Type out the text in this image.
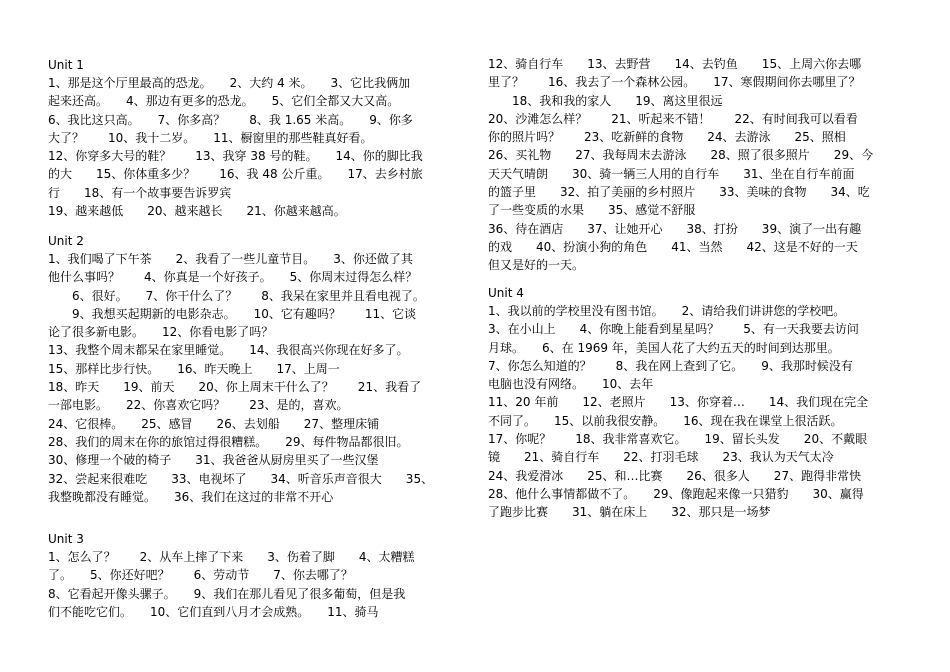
Unit 1
1、那是这个厅里最高的恐龙。　　2、大约 4 米。　　3、它比我俩加
起来还高。　　4、那边有更多的恐龙。　　5、它们全都又大又高。
6、我比这只高。　　7、你多高？　　8、我 1.65 米高。　　9、你多
大了？　　10、我十二岁。　　11、橱窗里的那些鞋真好看。
12、你穿多大号的鞋？　　13、我穿 38 号的鞋。　　14、你的脚比我
的大　　15、你体重多少？　　16、我 48 公斤重。　　17、去乡村旅
行　　18、有一个故事要告诉罗宾
19、越来越低　　20、越来越长　　21、你越来越高。
Unit 2
1、我们喝了下午茶　　2、我看了一些儿童节目。　　3、你还做了其
他什么事吗？　　4、你真是一个好孩子。　　5、你周末过得怎么样？
　　6、很好。　　7、你干什么了？　　8、我呆在家里并且看电视了。
　　9、我想买起期新的电影杂志。　　10、它有趣吗？　　11、它谈
论了很多新电影。　　12、你看电影了吗？
13、我整个周末都呆在家里睡觉。　　14、我很高兴你现在好多了。
15、那样比步行快。　　16、昨天晚上　　17、上周一
18、昨天　　19、前天　　20、你上周末干什么了？　　21、我看了
一部电影。　　22、你喜欢它吗？　　23、是的，喜欢。
24、它很棒。　　25、感冒　　26、去划船　　27、整理床铺
28、我们的周末在你的旅馆过得很糟糕。　　29、每件物品都很旧。
30、修理一个破的椅子　　31、我爸爸从厨房里买了一些汉堡
32、尝起来很难吃　　33、电视坏了　　34、听音乐声音很大　　35、
我整晚都没有睡觉。　　36、我们在这过的非常不开心
Unit 3
1、怎么了？　　2、从车上摔了下来　　3、伤着了脚　　4、太糟糕
了。　　5、你还好吧？　　6、劳动节　　7、你去哪了？
8、它看起开像头骡子。　　9、我们在那儿看见了很多葡萄，但是我
们不能吃它们。　　10、它们直到八月才会成熟。　　11、骑马
12、骑自行车　　13、去野营　　14、去钓鱼　　15、上周六你去哪
里了？　　16、我去了一个森林公园。　　17、寒假期间你去哪里了？
　　18、我和我的家人　　19、离这里很远
20、沙滩怎么样？　　21、听起来不错！　　22、有时间我可以看看
你的照片吗？　　23、吃新鲜的食物　　24、去游泳　　25、照相
26、买礼物　　27、我每周末去游泳　　28、照了很多照片　　29、今
天天气晴朗　　30、骑一辆三人用的自行车　　31、坐在自行车前面
的篮子里　　32、拍了美丽的乡村照片　　33、美味的食物　　34、吃
了一些变质的水果　　35、感觉不舒服
36、待在酒店　　37、让她开心　　38、打扮　　39、演了一出有趣
的戏　　40、扮演小狗的角色　　41、当然　　42、这是不好的一天
但又是好的一天。
Unit 4
1、我以前的学校里没有图书馆。　　2、请给我们讲讲您的学校吧。
3、在小山上　　4、你晚上能看到星星吗？　　5、有一天我要去访问
月球。　　6、在 1969 年，美国人花了大约五天的时间到达那里。
7、你怎么知道的？　　8、我在网上查到了它。　　9、我那时候没有
电脑也没有网络。　　10、去年
11、20 年前　　12、老照片　　13、你穿着…　　14、我们现在完全
不同了。　　15、以前我很安静。　　16、现在我在课堂上很活跃。
17、你呢？　　18、我非常喜欢它。　　19、留长头发　　20、不戴眼
镜　　21、骑自行车　　22、打羽毛球　　23、我认为天气太冷
24、我爱滑冰　　25、和…比赛　　26、很多人　　27、跑得非常快
28、他什么事情都做不了。　　29、像跑起来像一只猎豹　　30、赢得
了跑步比赛　　31、躺在床上　　32、那只是一场梦
